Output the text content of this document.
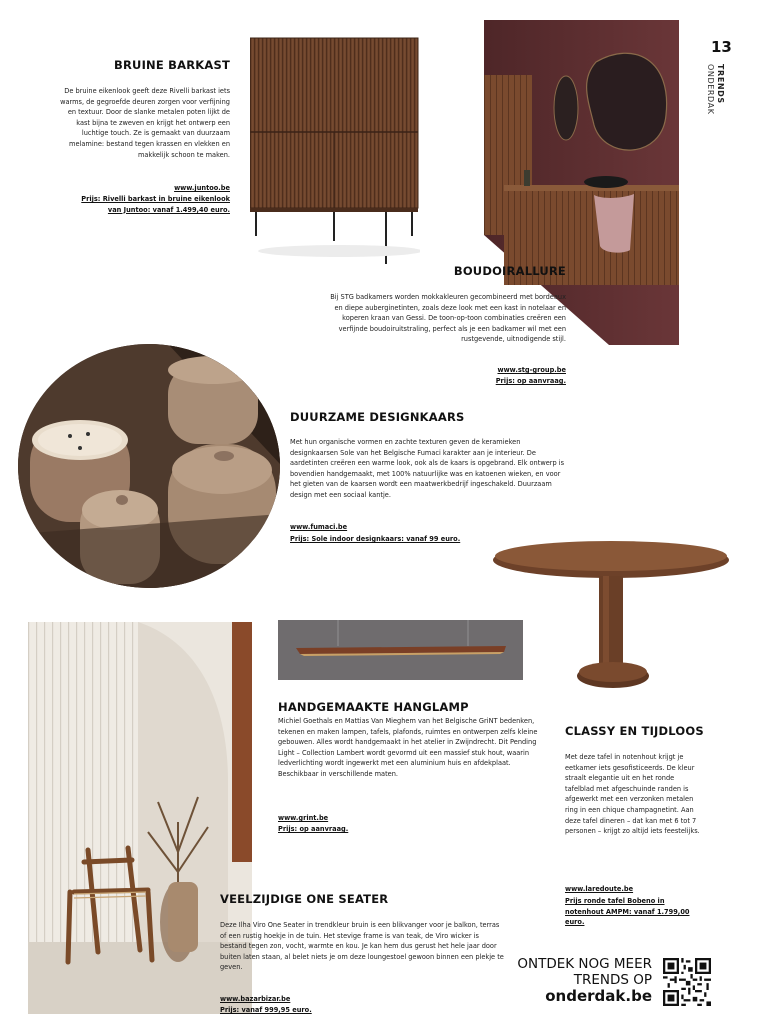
13
TRENDS
ONDERDAK
BRUINE BARKAST
De bruine eikenlook geeft deze Rivelli barkast iets warms, de gegroefde deuren zorgen voor verfijning en textuur. Door de slanke metalen poten lijkt de kast bijna te zweven en krijgt het ontwerp een luchtige touch. Ze is gemaakt van duurzaam melamine: bestand tegen krassen en vlekken en makkelijk schoon te maken.
www.juntoo.be
Prijs: Rivelli barkast in bruine eikenlook van Juntoo: vanaf 1.499,40 euro.
BOUDOIRALLURE
Bij STG badkamers worden mokkakleuren gecombineerd met bordeaux en diepe auberginetinten, zoals deze look met een kast in notelaar en koperen kraan van Gessi. De toon-op-toon combinaties creëren een verfijnde boudoiruitstraling, perfect als je een badkamer wil met een rustgevende, uitnodigende stijl.
www.stg-group.be
Prijs: op aanvraag.
DUURZAME DESIGNKAARS
Met hun organische vormen en zachte texturen geven de keramieken designkaarsen Sole van het Belgische Fumaci karakter aan je interieur. De aardetinten creëren een warme look, ook als de kaars is opgebrand. Elk ontwerp is bovendien handgemaakt, met 100% natuurlijke was en katoenen wieken, en voor het gieten van de kaarsen wordt een maatwerkbedrijf ingeschakeld. Duurzaam design met een sociaal kantje.
www.fumaci.be
Prijs: Sole indoor designkaars: vanaf 99 euro.
HANDGEMAAKTE HANGLAMP
Michiel Goethals en Mattias Van Mieghem van het Belgische GriNT bedenken, tekenen en maken lampen, tafels, plafonds, ruimtes en ontwerpen zelfs kleine gebouwen. Alles wordt handgemaakt in het atelier in Zwijndrecht. Dit Pending Light – Collection Lambert wordt gevormd uit een massief stuk hout, waarin ledverlichting wordt ingewerkt met een aluminium huis en afdekplaat. Beschikbaar in verschillende maten.
www.grint.be
Prijs: op aanvraag.
CLASSY EN TIJDLOOS
Met deze tafel in notenhout krijgt je eetkamer iets gesofisticeerds. De kleur straalt elegantie uit en het ronde tafelblad met afgeschuinde randen is afgewerkt met een verzonken metalen ring in een chique champagnetint. Aan deze tafel dineren – dat kan met 6 tot 7 personen – krijgt zo altijd iets feestelijks.
www.laredoute.be
Prijs ronde tafel Bobeno in notenhout AMPM: vanaf 1.799,00 euro.
VEELZIJDIGE ONE SEATER
Deze Ilha Viro One Seater in trendkleur bruin is een blikvanger voor je balkon, terras of een rustig hoekje in de tuin. Het stevige frame is van teak, de Viro wicker is bestand tegen zon, vocht, warmte en kou. Je kan hem dus gerust het hele jaar door buiten laten staan, al belet niets je om deze loungestoel gewoon binnen een plekje te geven.
www.bazarbizar.be
Prijs: vanaf 999,95 euro.
ONTDEK NOG MEER
TRENDS OP
onderdak.be
